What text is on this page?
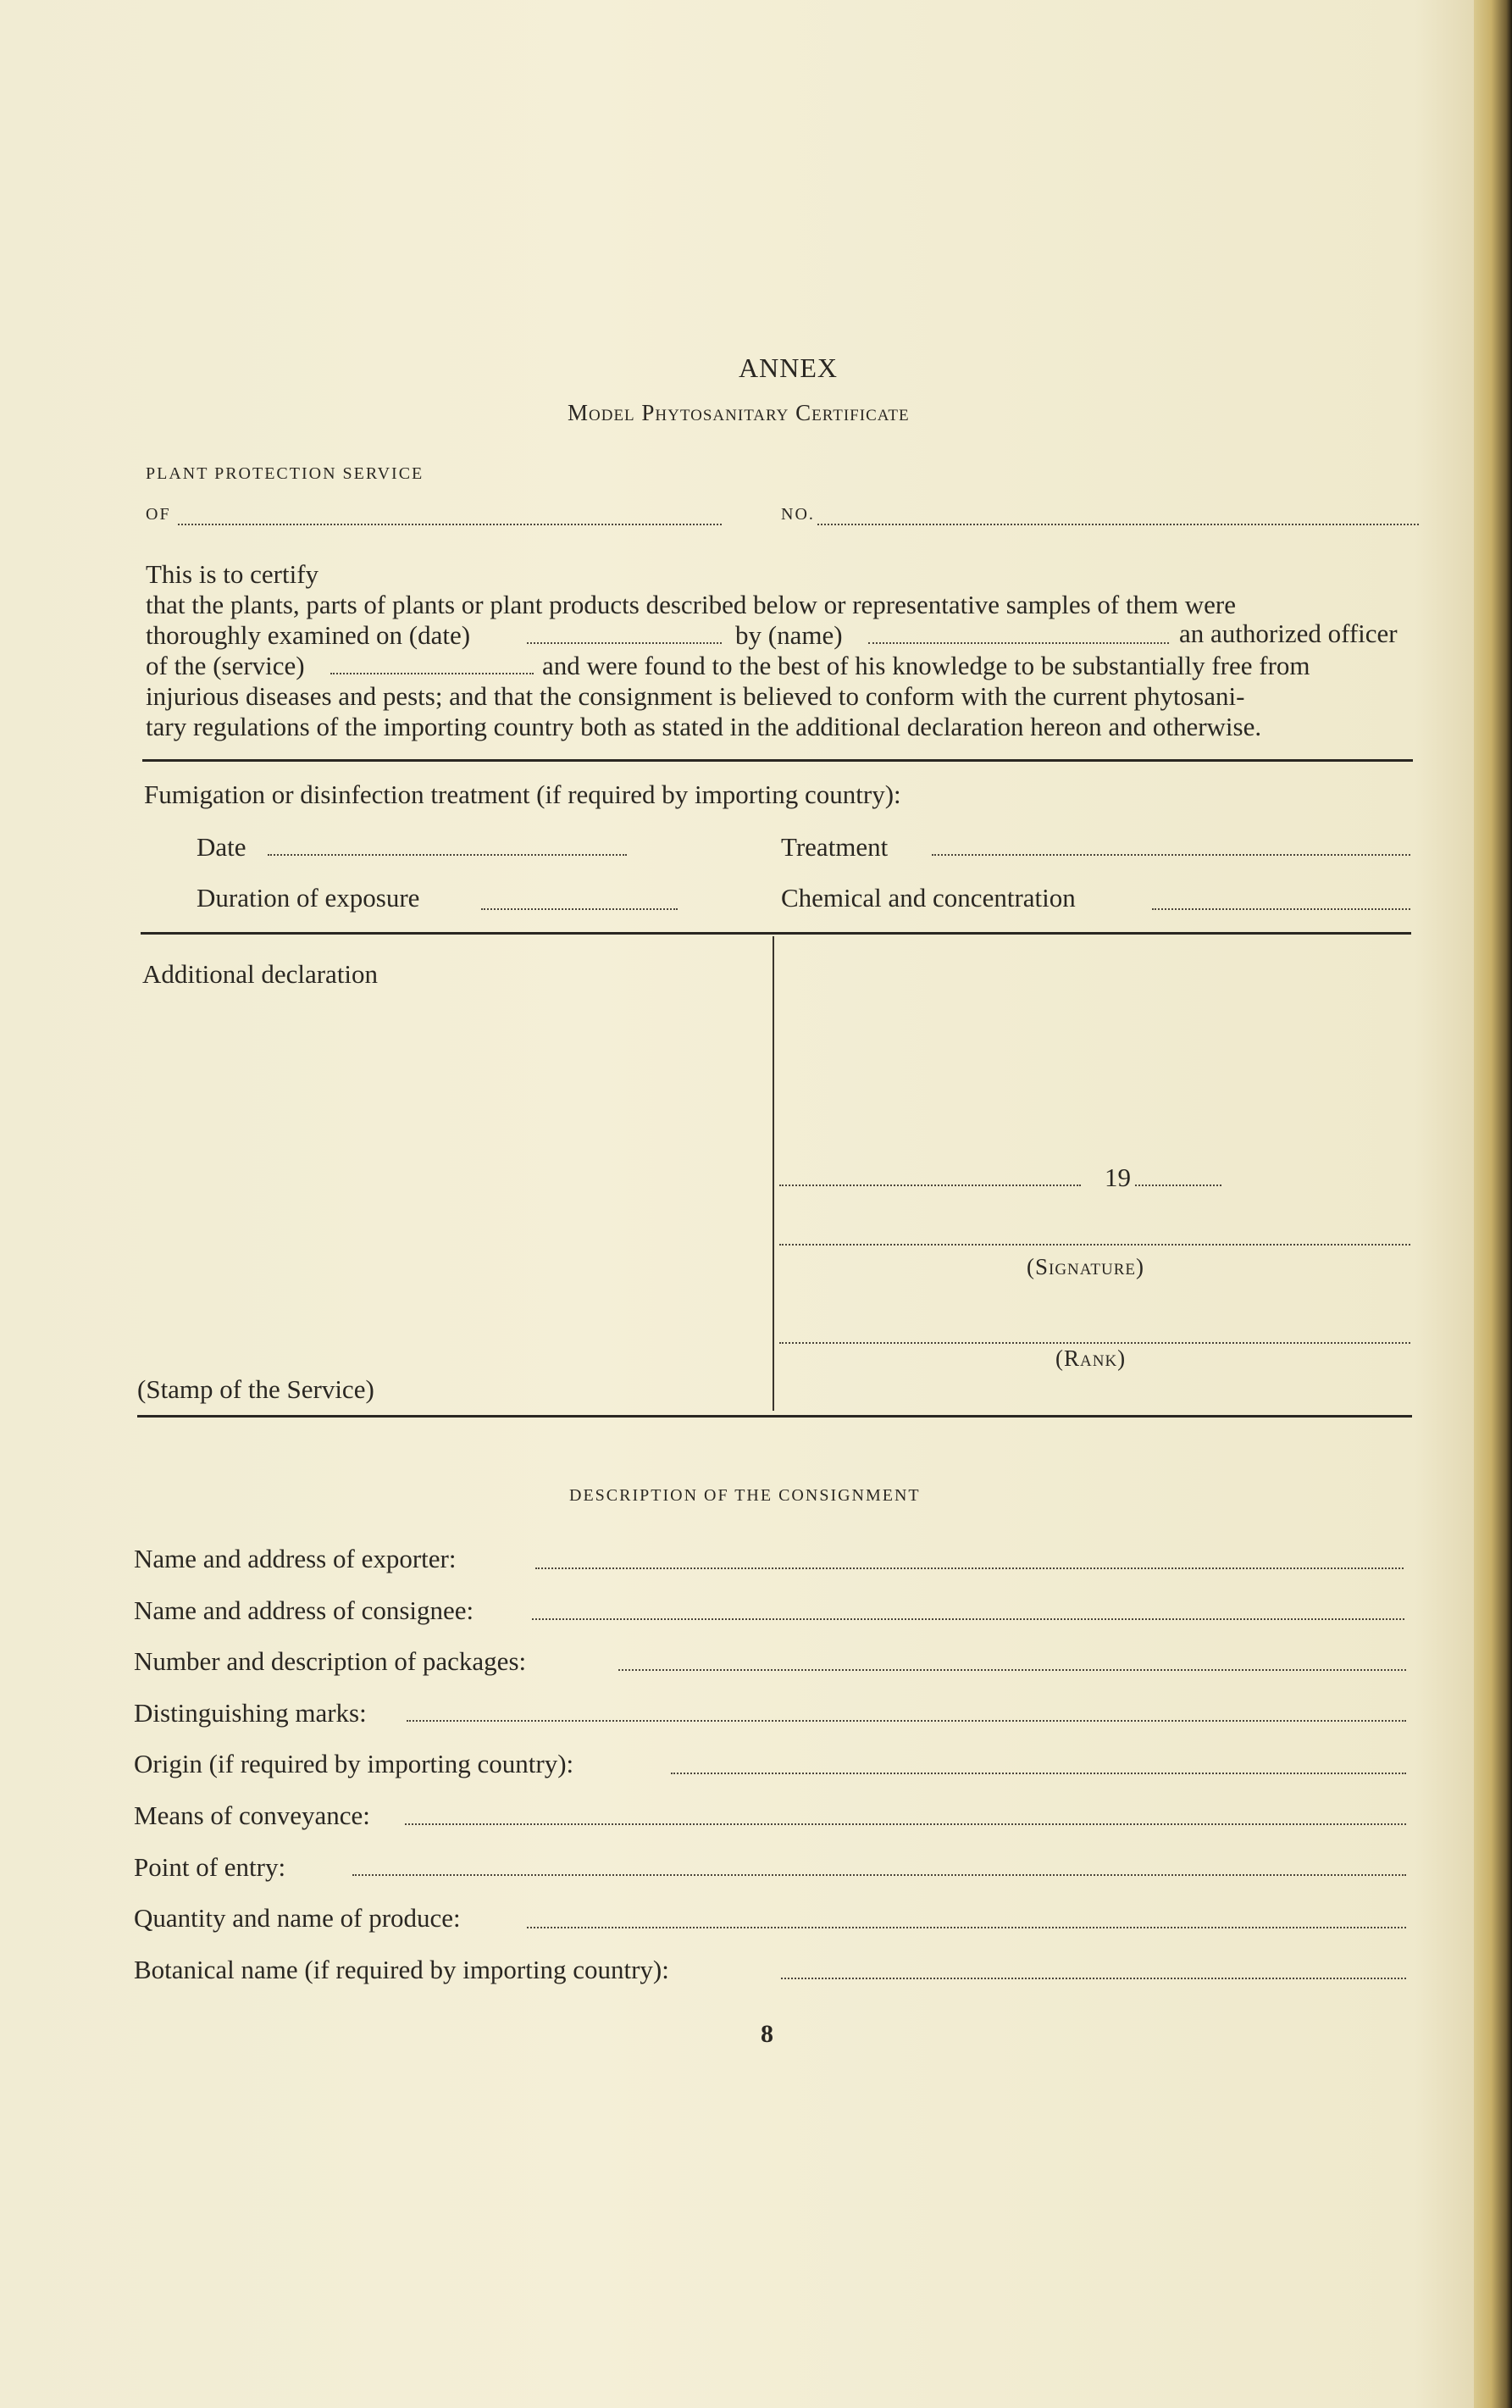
ANNEX
Model Phytosanitary Certificate
PLANT PROTECTION SERVICE
OF	NO.
This is to certify
that the plants, parts of plants or plant products described below or representative samples of them were
thoroughly examined on (date)	by (name)	an authorized officer
of the (service)	and were found to the best of his knowledge to be substantially free from
injurious diseases and pests; and that the consignment is believed to conform with the current phytosani-
tary regulations of the importing country both as stated in the additional declaration hereon and otherwise.
Fumigation or disinfection treatment (if required by importing country):
Date	Treatment
Duration of exposure	Chemical and concentration
Additional declaration
19
(Signature)
(Rank)
(Stamp of the Service)
DESCRIPTION OF THE CONSIGNMENT
Name and address of exporter:
Name and address of consignee:
Number and description of packages:
Distinguishing marks:
Origin (if required by importing country):
Means of conveyance:
Point of entry:
Quantity and name of produce:
Botanical name (if required by importing country):
8
